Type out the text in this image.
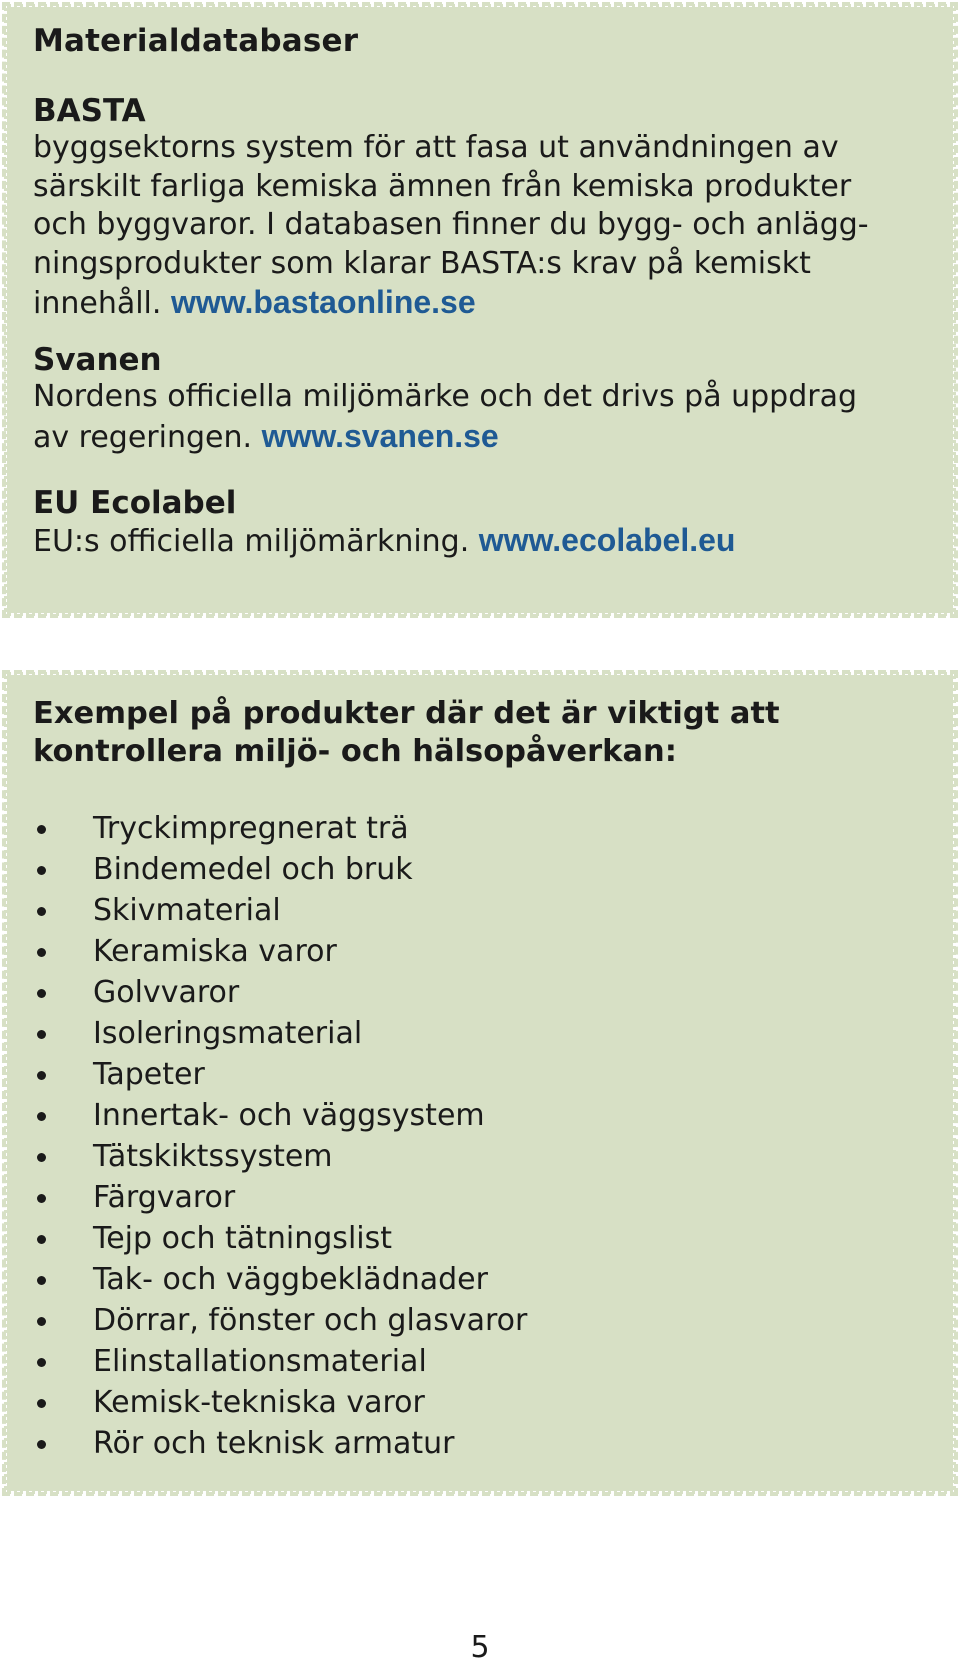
Materialdatabaser
BASTA
byggsektorns system för att fasa ut användningen av
särskilt farliga kemiska ämnen från kemiska produkter
och byggvaror. I databasen finner du bygg- och anlägg-
ningsprodukter som klarar BASTA:s krav på kemiskt
innehåll. www.bastaonline.se
Svanen
Nordens officiella miljömärke och det drivs på uppdrag
av regeringen. www.svanen.se
EU Ecolabel
EU:s officiella miljömärkning. www.ecolabel.eu
Exempel på produkter där det är viktigt att
kontrollera miljö- och hälsopåverkan:
Tryckimpregnerat trä
Bindemedel och bruk
Skivmaterial
Keramiska varor
Golvvaror
Isoleringsmaterial
Tapeter
Innertak- och väggsystem
Tätskiktssystem
Färgvaror
Tejp och tätningslist
Tak- och väggbeklädnader
Dörrar, fönster och glasvaror
Elinstallationsmaterial
Kemisk-tekniska varor
Rör och teknisk armatur
5
